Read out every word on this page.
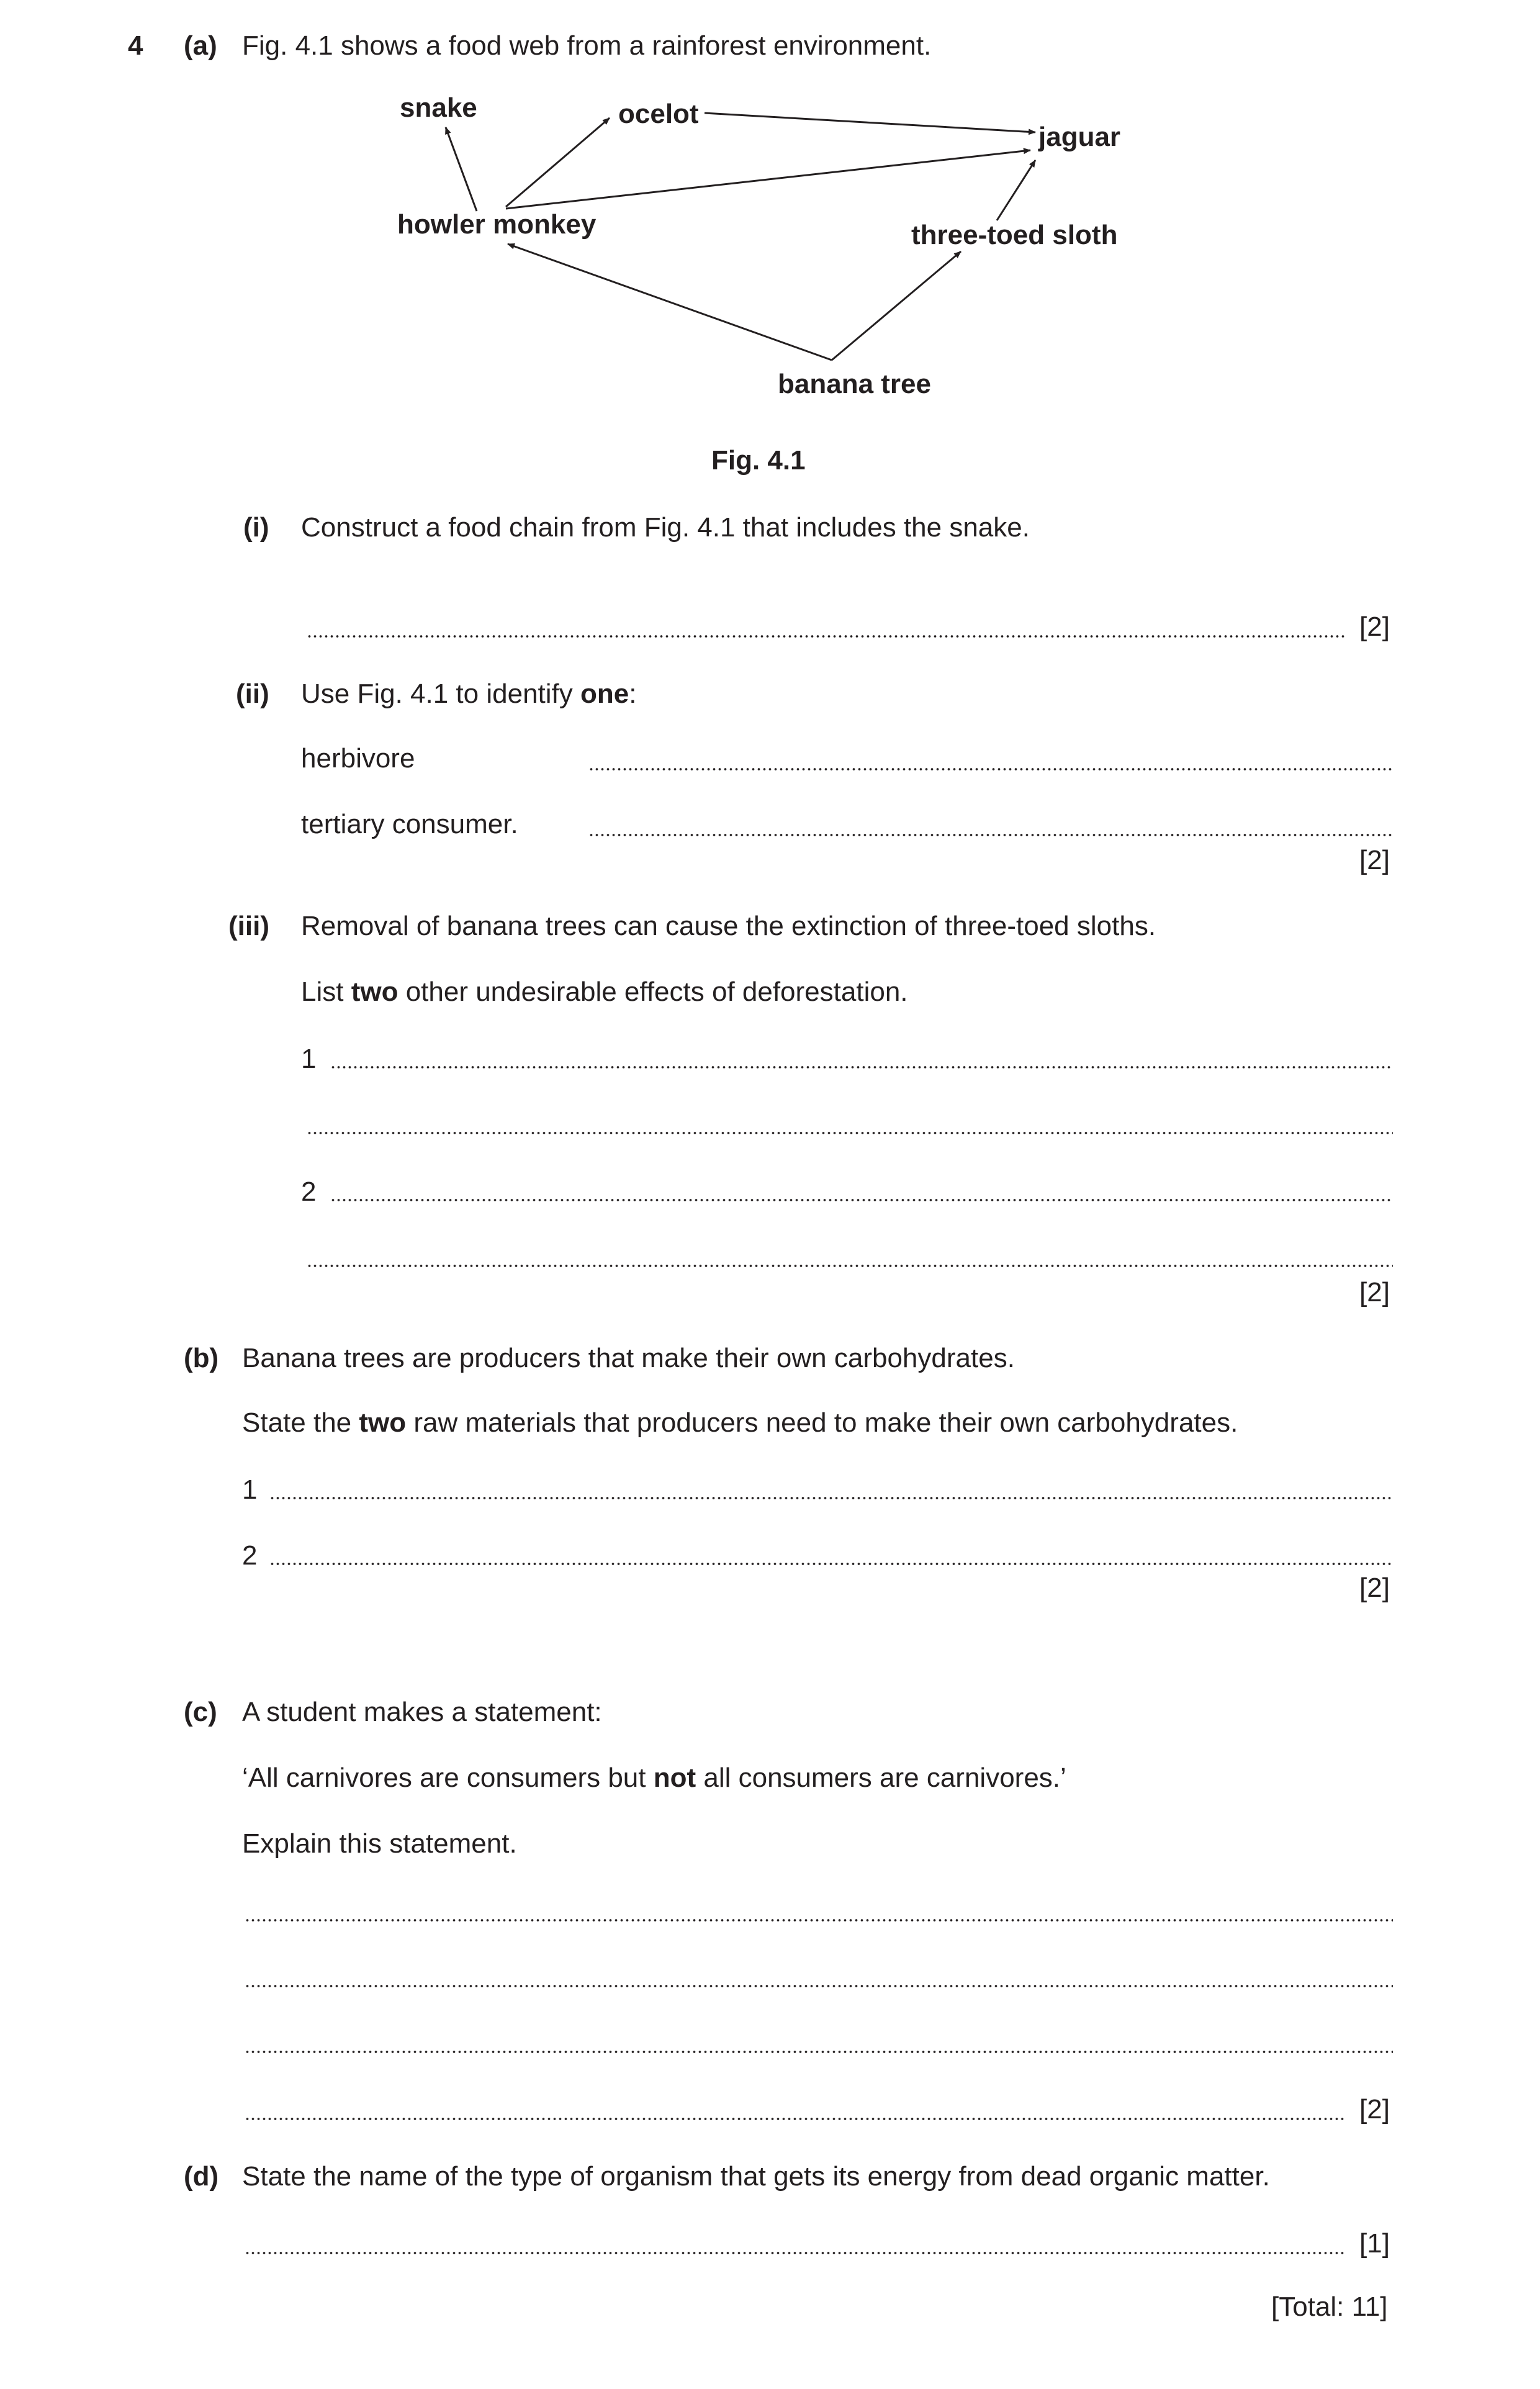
4 (a) Fig. 4.1 shows a food web from a rainforest environment.
snake	ocelot
jaguar
howler monkey	three-toed sloth
banana tree
Fig. 4.1
(i) Construct a food chain from Fig. 4.1 that includes the snake.
[2]
(ii) Use Fig. 4.1 to identify one:
herbivore
tertiary consumer.
[2]
(iii) Removal of banana trees can cause the extinction of three-toed sloths.
List two other undesirable effects of deforestation.
1
2
[2]
(b) Banana trees are producers that make their own carbohydrates.
State the two raw materials that producers need to make their own carbohydrates.
1
2
[2]
(c) A student makes a statement:
‘All carnivores are consumers but not all consumers are carnivores.’
Explain this statement.
[2]
(d) State the name of the type of organism that gets its energy from dead organic matter.
[1]
[Total: 11]
